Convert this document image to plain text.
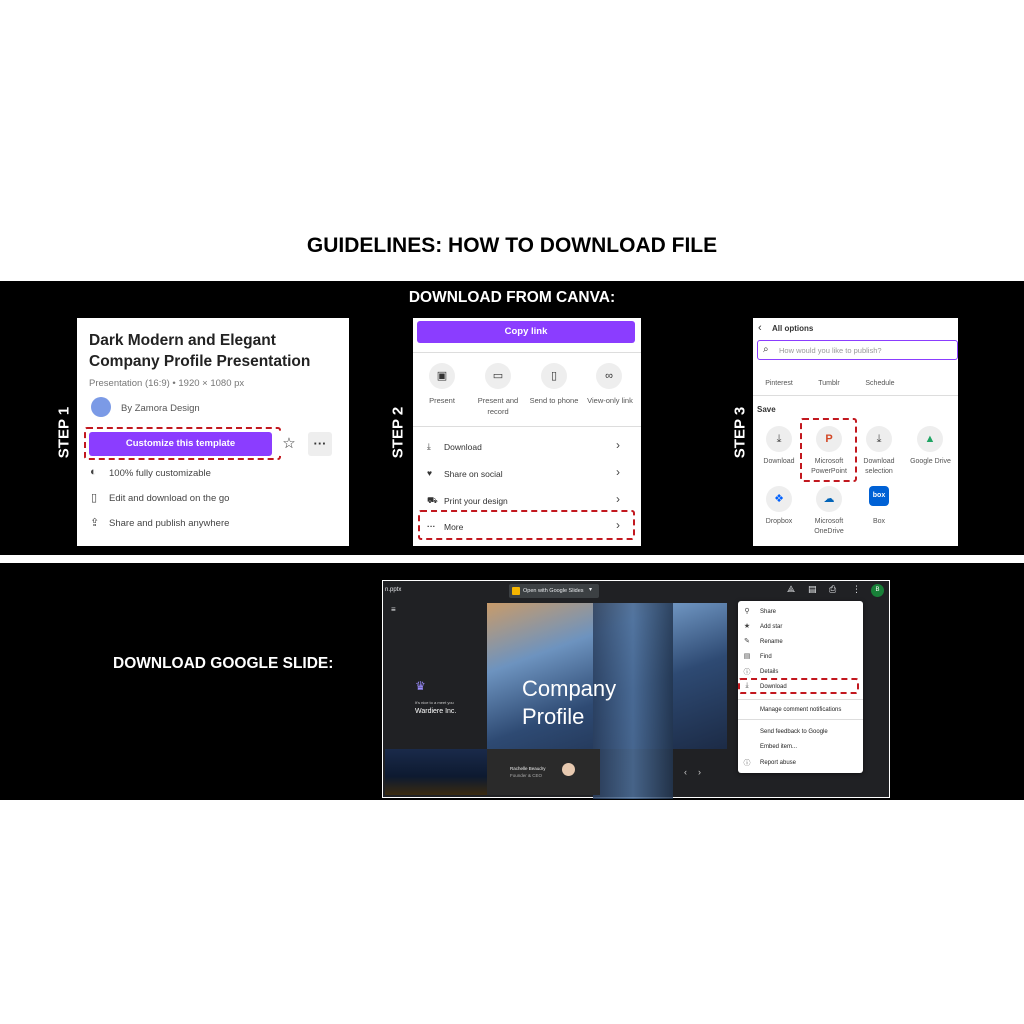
GUIDELINES: HOW TO DOWNLOAD FILE
DOWNLOAD FROM CANVA:
STEP 1	STEP 2	STEP 3
Dark Modern and Elegant
Company Profile Presentation
Presentation (16:9) • 1920 × 1080 px
By Zamora Design
Customize this template	☆	···
◐ 100% fully customizable
▯ Edit and download on the go
⇪ Share and publish anywhere
Copy link
▣
Present
▭
Present and
record
▯
Send to phone
∞
View-only link
⤓ Download	›
♥ Share on social	›
⛟ Print your design	›
··· More	›
‹ All options
⌕ How would you like to publish?
Pinterest	Tumblr	Schedule
Save
⤓
Download
P
Microsoft
PowerPoint
⤓
Download
selection
▲
Google Drive
❖
Dropbox
☁
Microsoft
OneDrive
box
Box
DOWNLOAD GOOGLE SLIDE:
n.pptx	Open with Google Slides ▾	⟁ ▤ ⎙ ⋮	B
≡
♛
It's nice to a meet you
Wardiere Inc.
Company
Profile
Rachelle Beaudry
Founder & CEO	‹ ›
⚲	Share
★	Add star
✎	Rename
▤ Find
ⓘ Details
⤓	Download
Manage comment notifications
Send feedback to Google
Embed item...
ⓘ Report abuse
